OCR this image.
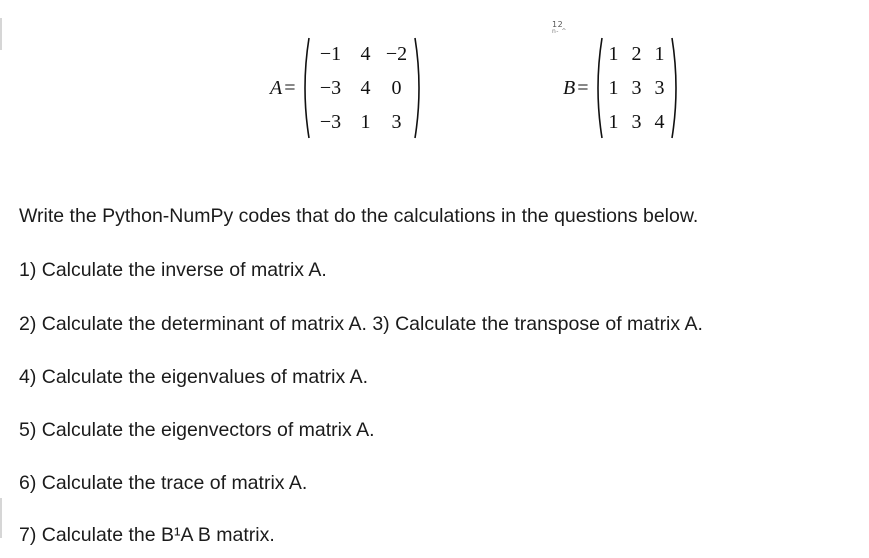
12
n- ^
A =
−1 4 −2
−3 4	0
−3 1	3
B =
1 2 1
1 3 3
1 3 4
Write the Python-NumPy codes that do the calculations in the questions below.
1) Calculate the inverse of matrix A.
2) Calculate the determinant of matrix A. 3) Calculate the transpose of matrix A.
4) Calculate the eigenvalues of matrix A.
5) Calculate the eigenvectors of matrix A.
6) Calculate the trace of matrix A.
7) Calculate the B¹A B matrix.
